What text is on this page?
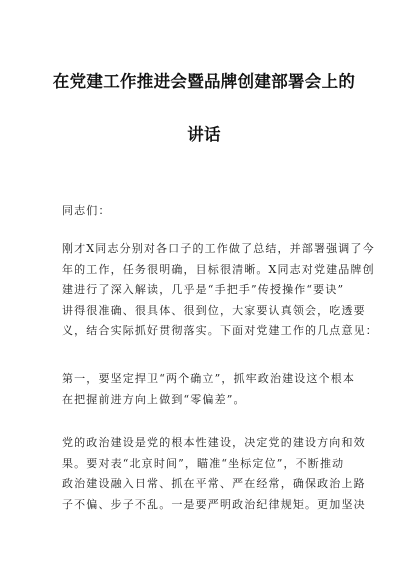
在党建工作推进会暨品牌创建部署会上的
讲话

同志们：

刚才X同志分别对各口子的工作做了总结，并部署强调了今
年的工作，任务很明确，目标很清晰。X同志对党建品牌创
建进行了深入解读，几乎是“手把手”传授操作“要诀”
讲得很准确、很具体、很到位，大家要认真领会，吃透要
义，结合实际抓好贯彻落实。下面对党建工作的几点意见：

第一，要坚定捍卫“两个确立”，抓牢政治建设这个根本
在把握前进方向上做到“零偏差”。

党的政治建设是党的根本性建设，决定党的建设方向和效
果。要对表“北京时间”，瞄准“坐标定位”，不断推动
政治建设融入日常、抓在平常、严在经常，确保政治上路
子不偏、步子不乱。一是要严明政治纪律规矩。更加坚决
